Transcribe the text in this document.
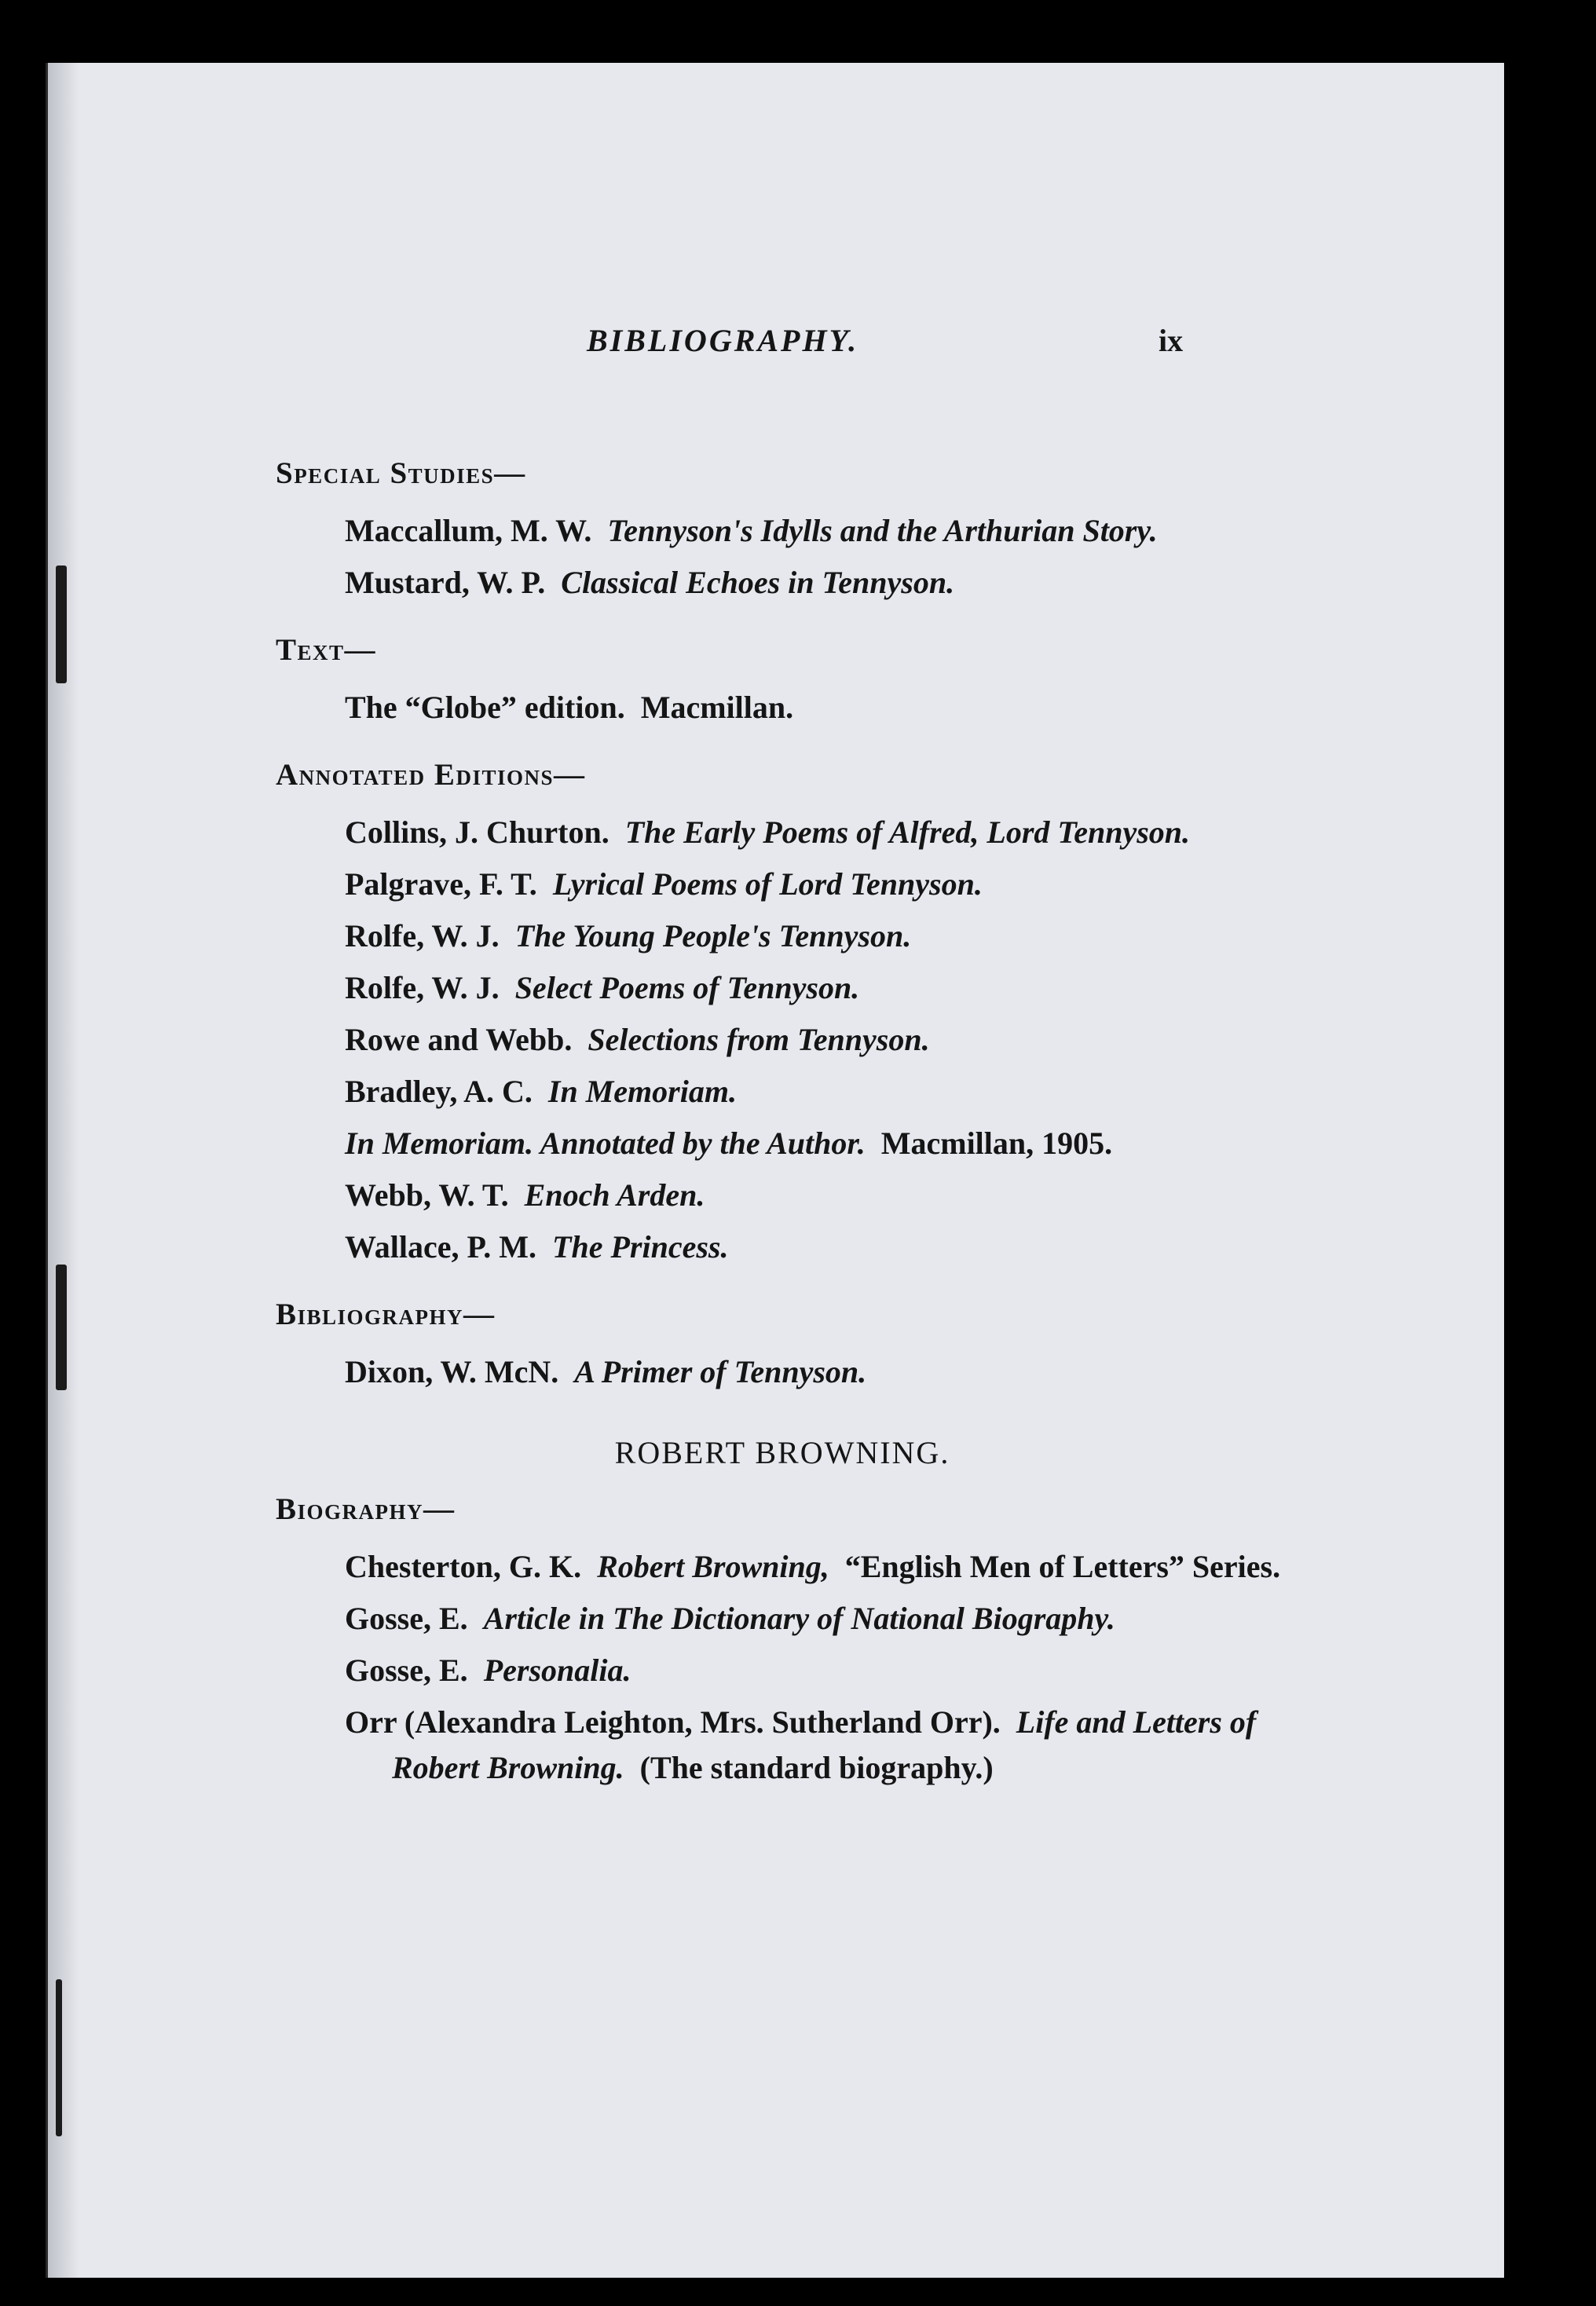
BIBLIOGRAPHY.	ix
Special Studies—
Maccallum, M. W. Tennyson's Idylls and the Arthurian Story.
Mustard, W. P. Classical Echoes in Tennyson.
Text—
The “Globe” edition. Macmillan.
Annotated Editions—
Collins, J. Churton. The Early Poems of Alfred, Lord Tennyson.
Palgrave, F. T. Lyrical Poems of Lord Tennyson.
Rolfe, W. J. The Young People's Tennyson.
Rolfe, W. J. Select Poems of Tennyson.
Rowe and Webb. Selections from Tennyson.
Bradley, A. C. In Memoriam.
In Memoriam. Annotated by the Author. Macmillan, 1905.
Webb, W. T. Enoch Arden.
Wallace, P. M. The Princess.
Bibliography—
Dixon, W. McN. A Primer of Tennyson.
ROBERT BROWNING.
Biography—
Chesterton, G. K. Robert Browning, “English Men of Letters” Series.
Gosse, E. Article in The Dictionary of National Biography.
Gosse, E. Personalia.
Orr (Alexandra Leighton, Mrs. Sutherland Orr). Life and Letters of Robert Browning. (The standard biography.)
